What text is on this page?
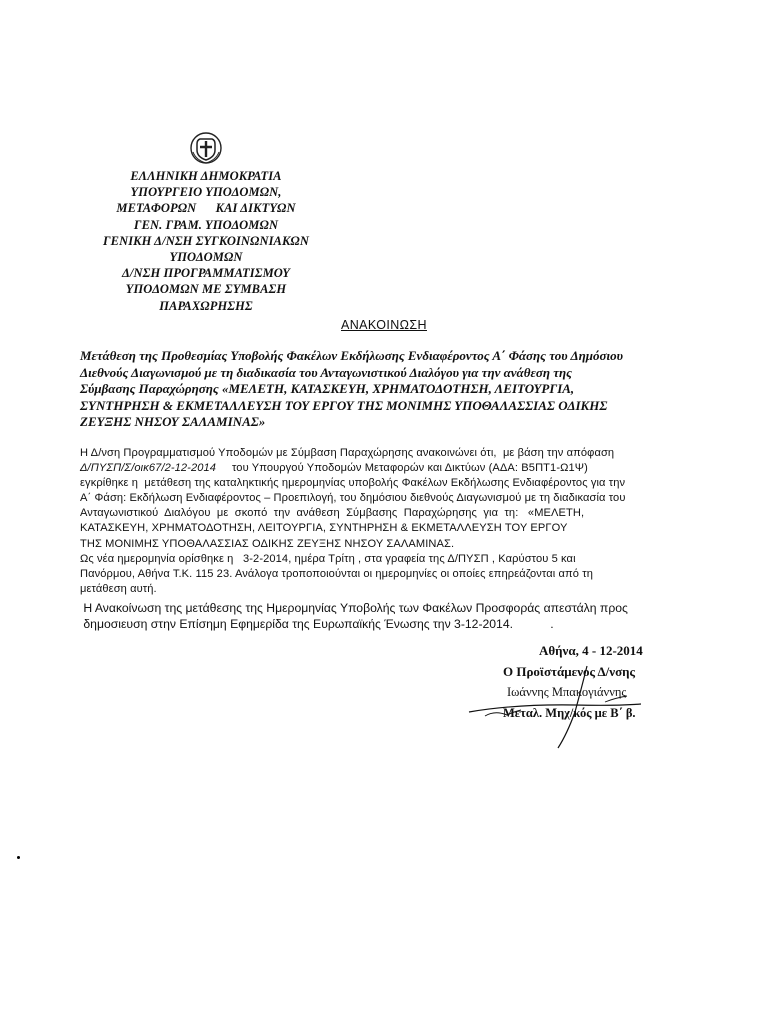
ΕΛΛΗΝΙΚΗ ΔΗΜΟΚΡΑΤΙΑ
ΥΠΟΥΡΓΕΙΟ ΥΠΟΔΟΜΩΝ,
ΜΕΤΑΦΟΡΩΝ      ΚΑΙ ΔΙΚΤΥΩΝ
ΓΕΝ. ΓΡΑΜ. ΥΠΟΔΟΜΩΝ
ΓΕΝΙΚΗ Δ/ΝΣΗ ΣΥΓΚΟΙΝΩΝΙΑΚΩΝ
ΥΠΟΔΟΜΩΝ
Δ/ΝΣΗ ΠΡΟΓΡΑΜΜΑΤΙΣΜΟΥ
ΥΠΟΔΟΜΩΝ ΜΕ ΣΥΜΒΑΣΗ
ΠΑΡΑΧΩΡΗΣΗΣ
ΑΝΑΚΟΙΝΩΣΗ
Μετάθεση της Προθεσμίας Υποβολής Φακέλων Εκδήλωσης Ενδιαφέροντος Α΄ Φάσης του Δημόσιου
Διεθνούς Διαγωνισμού με τη διαδικασία του Ανταγωνιστικού Διαλόγου για την ανάθεση της
Σύμβασης Παραχώρησης «ΜΕΛΕΤΗ, ΚΑΤΑΣΚΕΥΗ, ΧΡΗΜΑΤΟΔΟΤΗΣΗ, ΛΕΙΤΟΥΡΓΙΑ,
ΣΥΝΤΗΡΗΣΗ & ΕΚΜΕΤΑΛΛΕΥΣΗ ΤΟΥ ΕΡΓΟΥ ΤΗΣ ΜΟΝΙΜΗΣ ΥΠΟΘΑΛΑΣΣΙΑΣ ΟΔΙΚΗΣ
ΖΕΥΞΗΣ ΝΗΣΟΥ ΣΑΛΑΜΙΝΑΣ»
Η Δ/νση Προγραμματισμού Υποδομών με Σύμβαση Παραχώρησης ανακοινώνει ότι,  με βάση την απόφαση
Δ/ΠΥΣΠ/Σ/οικ67/2-12-2014     του Υπουργού Υποδομών Μεταφορών και Δικτύων (ΑΔΑ: Β5ΠΤ1-Ω1Ψ)
εγκρίθηκε η  μετάθεση της καταληκτικής ημερομηνίας υποβολής Φακέλων Εκδήλωσης Ενδιαφέροντος για την
Α΄ Φάση: Εκδήλωση Ενδιαφέροντος – Προεπιλογή, του δημόσιου διεθνούς Διαγωνισμού με τη διαδικασία του
Ανταγωνιστικού  Διαλόγου  με  σκοπό  την  ανάθεση  Σύμβασης  Παραχώρησης  για  τη:   «ΜΕΛΕΤΗ,
ΚΑΤΑΣΚΕΥΗ, ΧΡΗΜΑΤΟΔΟΤΗΣΗ, ΛΕΙΤΟΥΡΓΙΑ, ΣΥΝΤΗΡΗΣΗ & ΕΚΜΕΤΑΛΛΕΥΣΗ ΤΟΥ ΕΡΓΟΥ
ΤΗΣ ΜΟΝΙΜΗΣ ΥΠΟΘΑΛΑΣΣΙΑΣ ΟΔΙΚΗΣ ΖΕΥΞΗΣ ΝΗΣΟΥ ΣΑΛΑΜΙΝΑΣ.
Ως νέα ημερομηνία ορίσθηκε η   3-2-2014, ημέρα Τρίτη , στα γραφεία της Δ/ΠΥΣΠ , Καρύστου 5 και
Πανόρμου, Αθήνα Τ.Κ. 115 23. Ανάλογα τροποποιούνται οι ημερομηνίες οι οποίες επηρεάζονται από τη
μετάθεση αυτή.
Η Ανακοίνωση της μετάθεσης της Ημερομηνίας Υποβολής των Φακέλων Προσφοράς απεστάλη προς
δημοσιευση στην Επίσημη Εφημερίδα της Ευρωπαϊκής Ένωσης την 3-12-2014.           .
Αθήνα, 4 - 12-2014
Ο Προϊστάμενος Δ/νσης
Ιωάννης Μπακογιάννης
Μεταλ. Μηχ/κός με Β΄ β.
